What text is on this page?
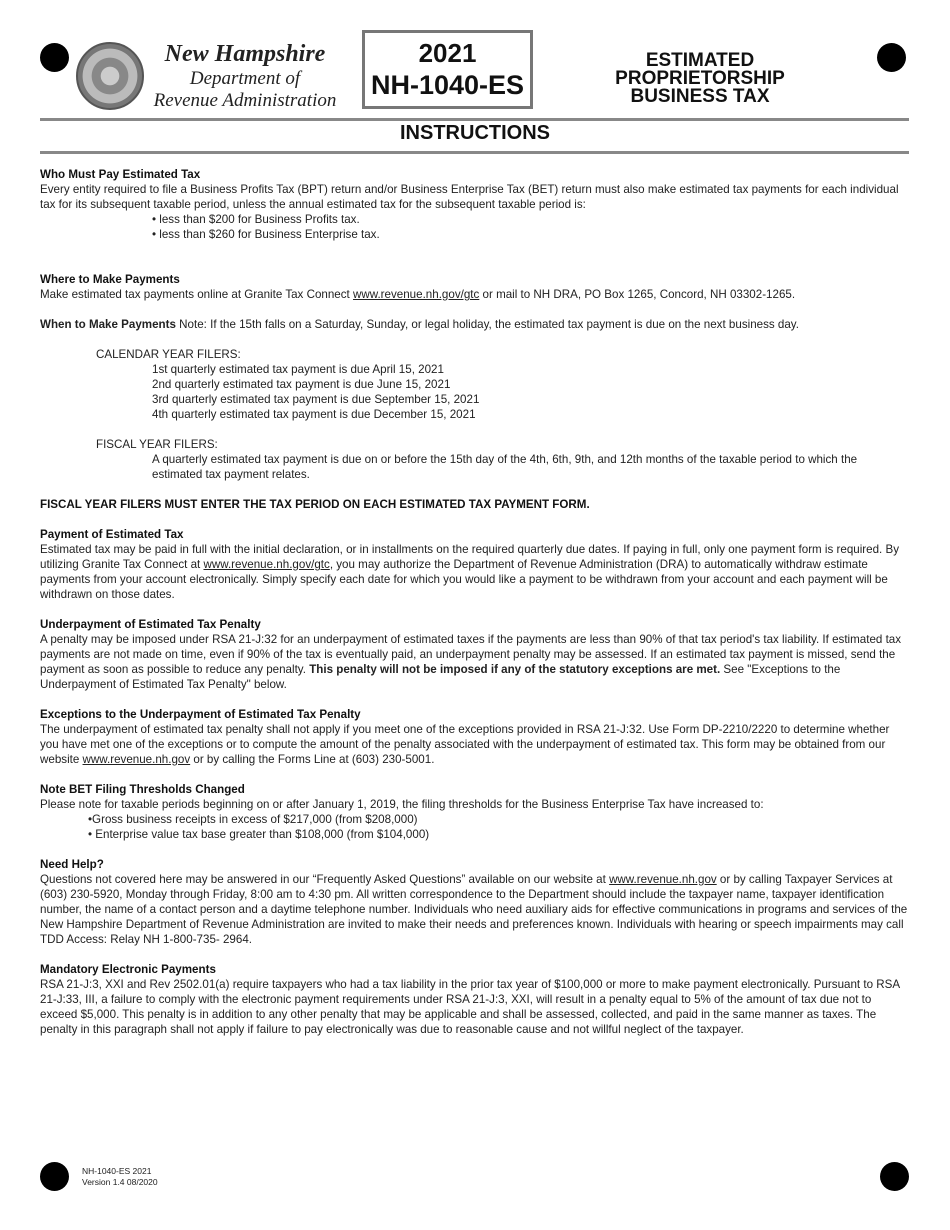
New Hampshire
Department of
Revenue Administration
2021
NH-1040-ES
ESTIMATED
PROPRIETORSHIP
BUSINESS TAX
INSTRUCTIONS
Who Must Pay Estimated Tax

Every entity required to file a Business Profits Tax (BPT) return and/or Business Enterprise Tax (BET) return must also make estimated tax payments for each individual tax for its subsequent taxable period, unless the annual estimated tax for the subsequent taxable period is:

• less than $200 for Business Profits tax.

• less than $260 for Business Enterprise tax.

Where to Make Payments

Make estimated tax payments online at Granite Tax Connect www.revenue.nh.gov/gtc or mail to NH DRA, PO Box 1265, Concord, NH 03302-1265.

When to Make Payments Note: If the 15th falls on a Saturday, Sunday, or legal holiday, the estimated tax payment is due on the next business day.

CALENDAR YEAR FILERS:

1st quarterly estimated tax payment is due April 15, 2021

2nd quarterly estimated tax payment is due June 15, 2021

3rd quarterly estimated tax payment is due September 15, 2021

4th quarterly estimated tax payment is due December 15, 2021

FISCAL YEAR FILERS:

A quarterly estimated tax payment is due on or before the 15th day of the 4th, 6th, 9th, and 12th months of the taxable period to which the estimated tax payment relates.

FISCAL YEAR FILERS MUST ENTER THE TAX PERIOD ON EACH ESTIMATED TAX PAYMENT FORM.
Payment of Estimated Tax

Estimated tax may be paid in full with the initial declaration, or in installments on the required quarterly due dates. If paying in full, only one payment form is required. By utilizing Granite Tax Connect at www.revenue.nh.gov/gtc, you may authorize the Department of Revenue Administration (DRA) to automatically withdraw estimate payments from your account electronically. Simply specify each date for which you would like a payment to be withdrawn from your account and each payment will be withdrawn on those dates.

Underpayment of Estimated Tax Penalty

A penalty may be imposed under RSA 21-J:32 for an underpayment of estimated taxes if the payments are less than 90% of that tax period's tax liability. If estimated tax payments are not made on time, even if 90% of the tax is eventually paid, an underpayment penalty may be assessed. If an estimated tax payment is missed, send the payment as soon as possible to reduce any penalty. This penalty will not be imposed if any of the statutory exceptions are met. See "Exceptions to the Underpayment of Estimated Tax Penalty" below.

Exceptions to the Underpayment of Estimated Tax Penalty

The underpayment of estimated tax penalty shall not apply if you meet one of the exceptions provided in RSA 21-J:32. Use Form DP-2210/2220 to determine whether you have met one of the exceptions or to compute the amount of the penalty associated with the underpayment of estimated tax. This form may be obtained from our website www.revenue.nh.gov or by calling the Forms Line at (603) 230-5001.

Note BET Filing Thresholds Changed

Please note for taxable periods beginning on or after January 1, 2019, the filing thresholds for the Business Enterprise Tax have increased to:

•Gross business receipts in excess of $217,000 (from $208,000)

• Enterprise value tax base greater than $108,000 (from $104,000)

Need Help?

Questions not covered here may be answered in our “Frequently Asked Questions” available on our website at www.revenue.nh.gov or by calling Taxpayer Services at (603) 230-5920, Monday through Friday, 8:00 am to 4:30 pm. All written correspondence to the Department should include the taxpayer name, taxpayer identification number, the name of a contact person and a daytime telephone number. Individuals who need auxiliary aids for effective communications in programs and services of the New Hampshire Department of Revenue Administration are invited to make their needs and preferences known. Individuals with hearing or speech impairments may call TDD Access: Relay NH 1-800-735- 2964.

Mandatory Electronic Payments

RSA 21-J:3, XXI and Rev 2502.01(a) require taxpayers who had a tax liability in the prior tax year of $100,000 or more to make payment electronically. Pursuant to RSA 21-J:33, III, a failure to comply with the electronic payment requirements under RSA 21-J:3, XXI, will result in a penalty equal to 5% of the amount of tax due not to exceed $5,000. This penalty is in addition to any other penalty that may be applicable and shall be assessed, collected, and paid in the same manner as taxes. The penalty in this paragraph shall not apply if failure to pay electronically was due to reasonable cause and not willful neglect of the taxpayer.

NH-1040-ES 2021
Version 1.4 08/2020
